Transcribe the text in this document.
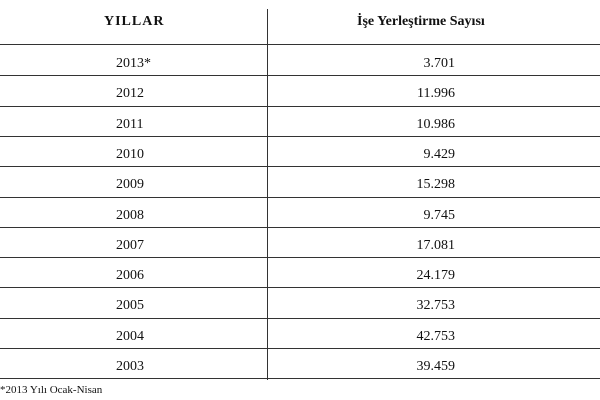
YILLAR	İşe Yerleştirme Sayısı
2013*	3.701
2012	11.996
2011	10.986
2010	9.429
2009	15.298
2008	9.745
2007	17.081
2006	24.179
2005	32.753
2004	42.753
2003	39.459
*2013 Yılı Ocak-Nisan
